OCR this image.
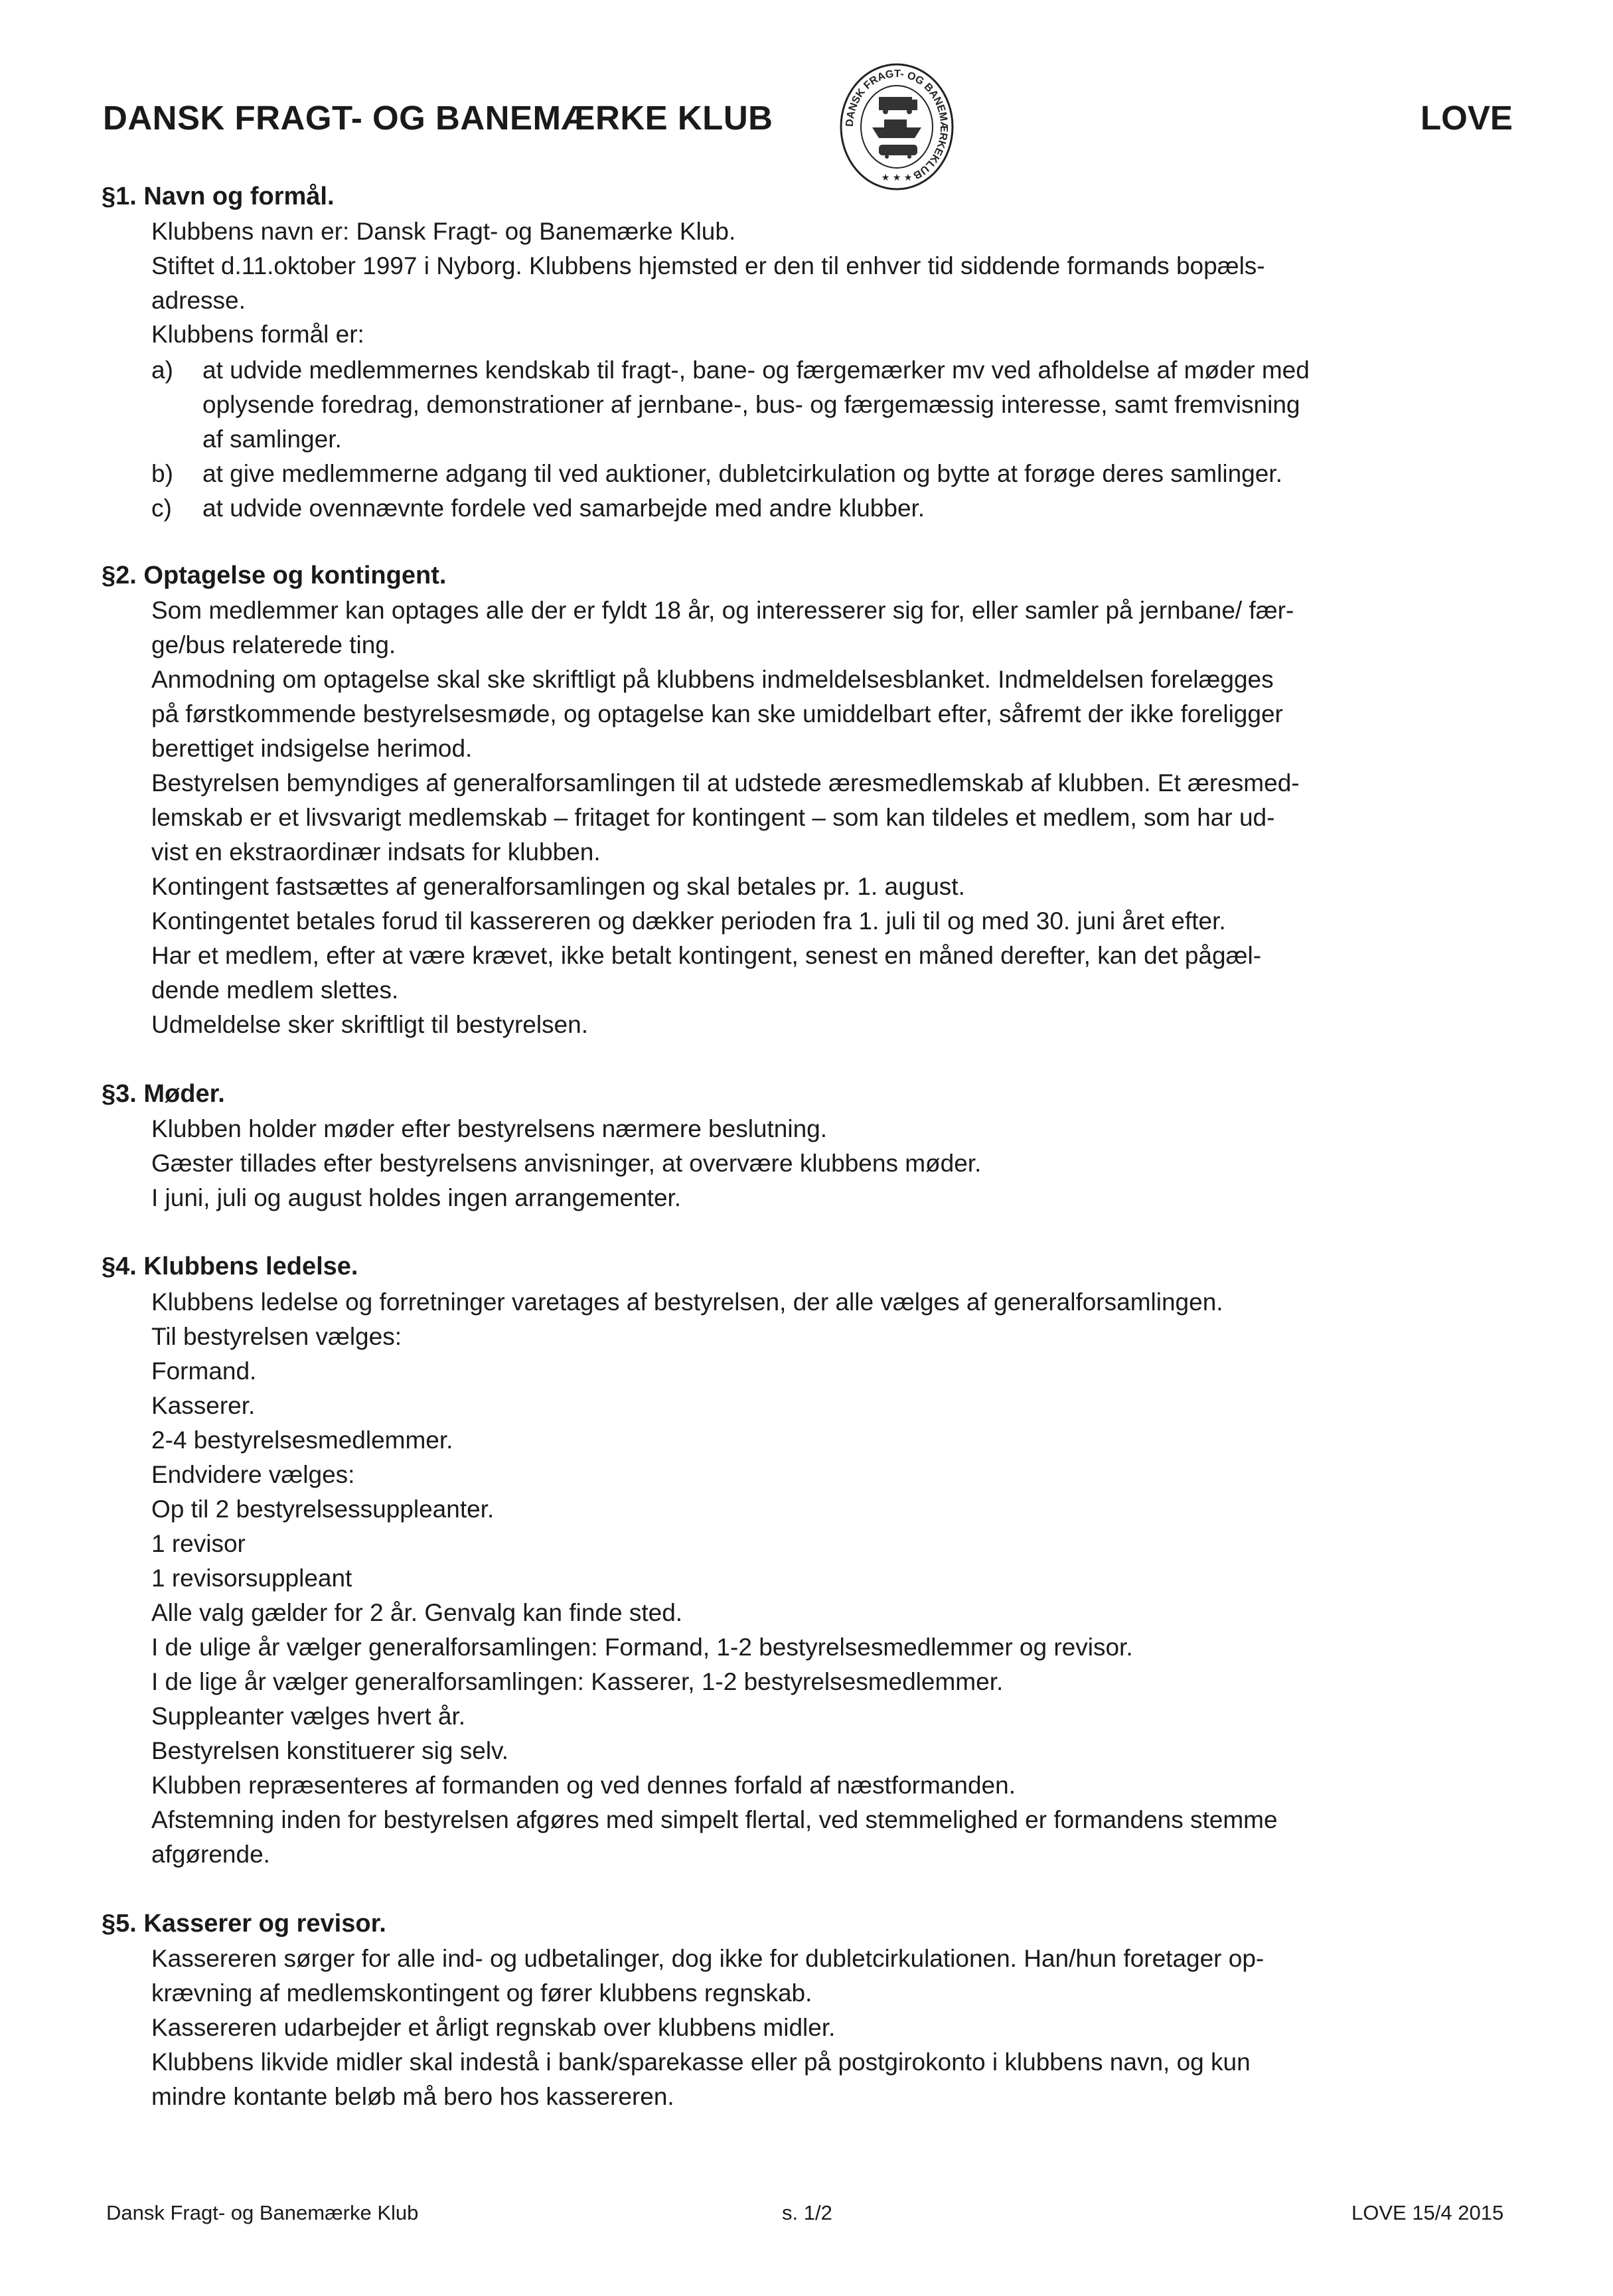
DANSK FRAGT- OG BANEMÆRKE KLUB	DANSK FRAGT- OG BANEMÆRKEKLUB
★ ★ ★
LOVE
§1. Navn og formål.
Klubbens navn er: Dansk Fragt- og Banemærke Klub.
Stiftet d.11.oktober 1997 i Nyborg. Klubbens hjemsted er den til enhver tid siddende formands bopæls-
adresse.
Klubbens formål er:
a) at udvide medlemmernes kendskab til fragt-, bane- og færgemærker mv ved afholdelse af møder med
oplysende foredrag, demonstrationer af jernbane-, bus- og færgemæssig interesse, samt fremvisning
af samlinger.
b) at give medlemmerne adgang til ved auktioner, dubletcirkulation og bytte at forøge deres samlinger.
c) at udvide ovennævnte fordele ved samarbejde med andre klubber.
§2. Optagelse og kontingent.
Som medlemmer kan optages alle der er fyldt 18 år, og interesserer sig for, eller samler på jernbane/ fær-
ge/bus relaterede ting.
Anmodning om optagelse skal ske skriftligt på klubbens indmeldelsesblanket. Indmeldelsen forelægges
på førstkommende bestyrelsesmøde, og optagelse kan ske umiddelbart efter, såfremt der ikke foreligger
berettiget indsigelse herimod.
Bestyrelsen bemyndiges af generalforsamlingen til at udstede æresmedlemskab af klubben. Et æresmed-
lemskab er et livsvarigt medlemskab – fritaget for kontingent – som kan tildeles et medlem, som har ud-
vist en ekstraordinær indsats for klubben.
Kontingent fastsættes af generalforsamlingen og skal betales pr. 1. august.
Kontingentet betales forud til kassereren og dækker perioden fra 1. juli til og med 30. juni året efter.
Har et medlem, efter at være krævet, ikke betalt kontingent, senest en måned derefter, kan det pågæl-
dende medlem slettes.
Udmeldelse sker skriftligt til bestyrelsen.
§3. Møder.
Klubben holder møder efter bestyrelsens nærmere beslutning.
Gæster tillades efter bestyrelsens anvisninger, at overvære klubbens møder.
I juni, juli og august holdes ingen arrangementer.
§4. Klubbens ledelse.
Klubbens ledelse og forretninger varetages af bestyrelsen, der alle vælges af generalforsamlingen.
Til bestyrelsen vælges:
Formand.
Kasserer.
2-4 bestyrelsesmedlemmer.
Endvidere vælges:
Op til 2 bestyrelsessuppleanter.
1 revisor
1 revisorsuppleant
Alle valg gælder for 2 år. Genvalg kan finde sted.
I de ulige år vælger generalforsamlingen: Formand, 1-2 bestyrelsesmedlemmer og revisor.
I de lige år vælger generalforsamlingen: Kasserer, 1-2 bestyrelsesmedlemmer.
Suppleanter vælges hvert år.
Bestyrelsen konstituerer sig selv.
Klubben repræsenteres af formanden og ved dennes forfald af næstformanden.
Afstemning inden for bestyrelsen afgøres med simpelt flertal, ved stemmelighed er formandens stemme
afgørende.
§5. Kasserer og revisor.
Kassereren sørger for alle ind- og udbetalinger, dog ikke for dubletcirkulationen. Han/hun foretager op-
krævning af medlemskontingent og fører klubbens regnskab.
Kassereren udarbejder et årligt regnskab over klubbens midler.
Klubbens likvide midler skal indestå i bank/sparekasse eller på postgirokonto i klubbens navn, og kun
mindre kontante beløb må bero hos kassereren.
Dansk Fragt- og Banemærke Klub	s. 1/2	LOVE 15/4 2015
